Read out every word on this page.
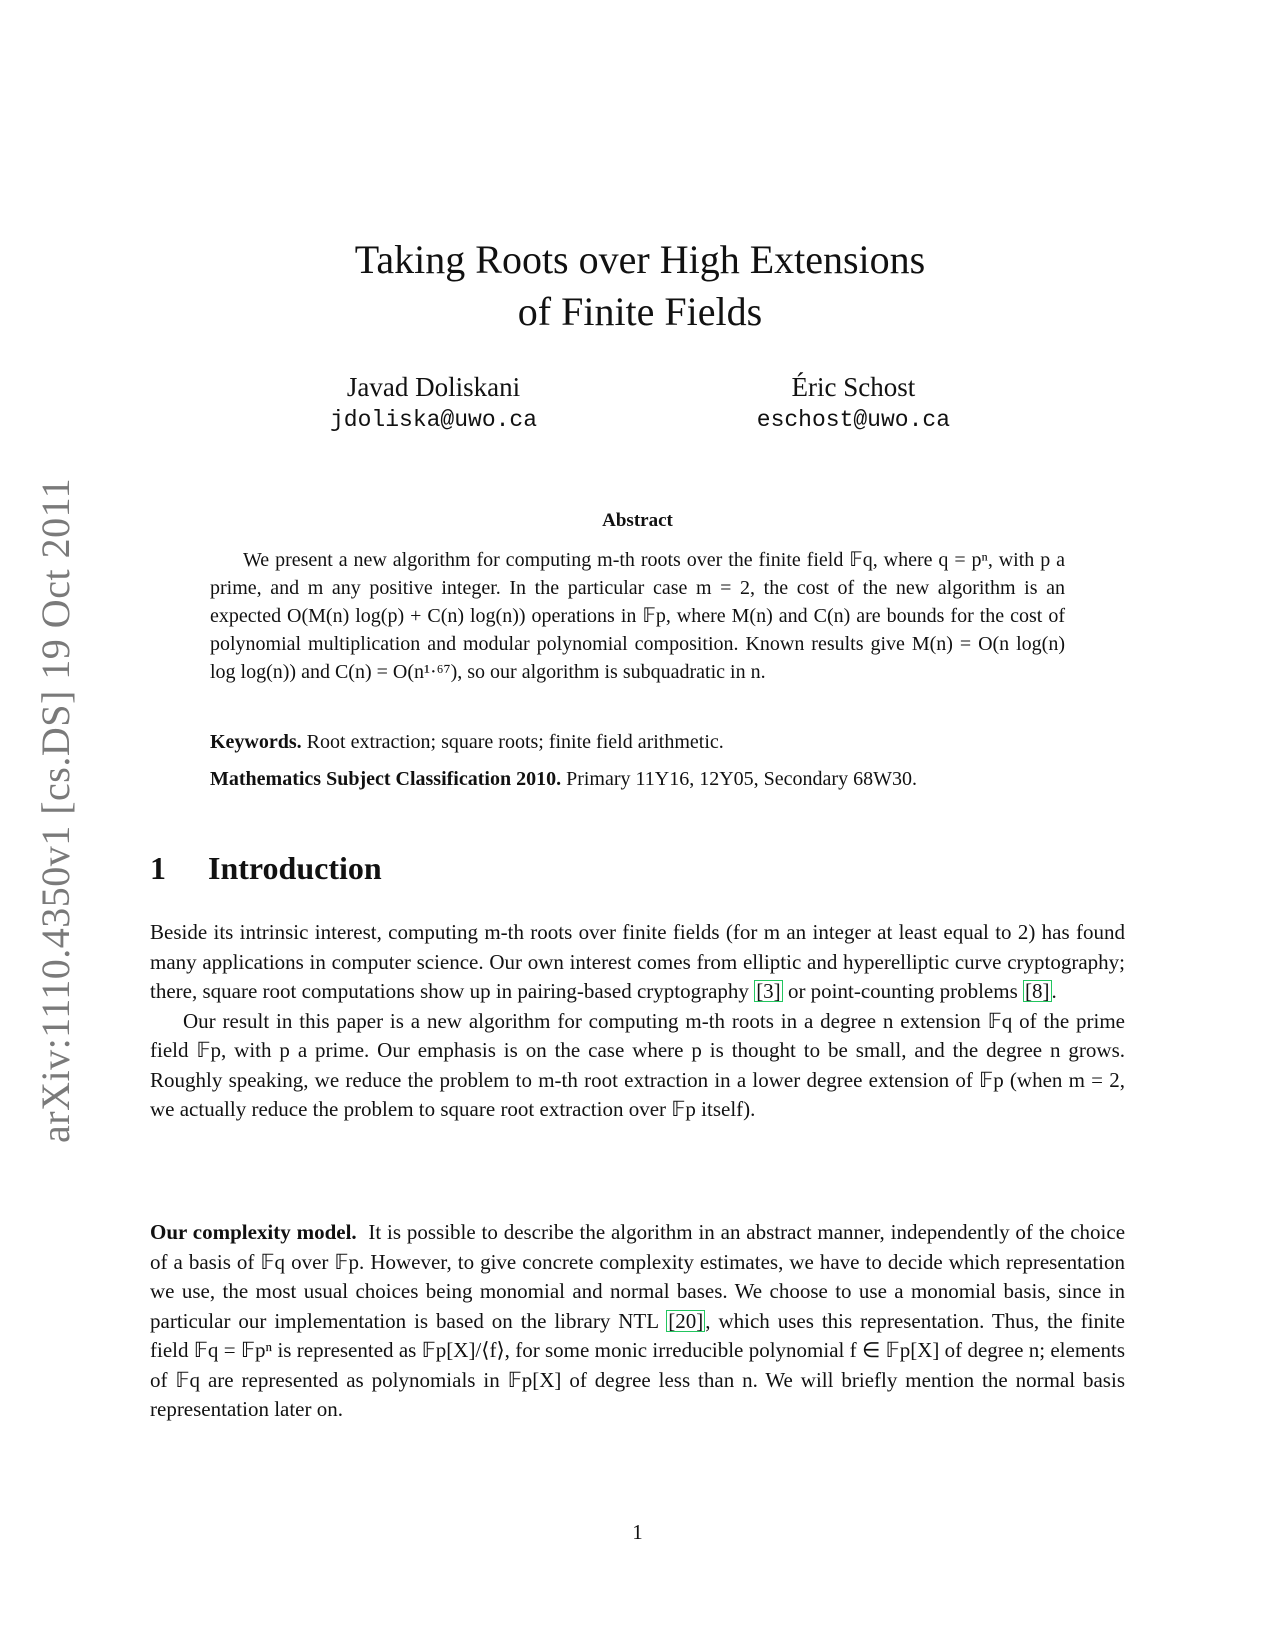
arXiv:1110.4350v1 [cs.DS] 19 Oct 2011
Taking Roots over High Extensions
of Finite Fields
Javad Doliskani
jdoliska@uwo.ca
Éric Schost
eschost@uwo.ca
Abstract

We present a new algorithm for computing m-th roots over the finite field 𝔽q, where q = pⁿ, with p a prime, and m any positive integer. In the particular case m = 2, the cost of the new algorithm is an expected O(M(n) log(p) + C(n) log(n)) operations in 𝔽p, where M(n) and C(n) are bounds for the cost of polynomial multiplication and modular polynomial composition. Known results give M(n) = O(n log(n) log log(n)) and C(n) = O(n¹·⁶⁷), so our algorithm is subquadratic in n.

Keywords. Root extraction; square roots; finite field arithmetic.
Mathematics Subject Classification 2010. Primary 11Y16, 12Y05, Secondary 68W30.
1 Introduction

Beside its intrinsic interest, computing m-th roots over finite fields (for m an integer at least equal to 2) has found many applications in computer science. Our own interest comes from elliptic and hyperelliptic curve cryptography; there, square root computations show up in pairing-based cryptography [3] or point-counting problems [8].

Our result in this paper is a new algorithm for computing m-th roots in a degree n extension 𝔽q of the prime field 𝔽p, with p a prime. Our emphasis is on the case where p is thought to be small, and the degree n grows. Roughly speaking, we reduce the problem to m-th root extraction in a lower degree extension of 𝔽p (when m = 2, we actually reduce the problem to square root extraction over 𝔽p itself).

Our complexity model. It is possible to describe the algorithm in an abstract manner, independently of the choice of a basis of 𝔽q over 𝔽p. However, to give concrete complexity estimates, we have to decide which representation we use, the most usual choices being monomial and normal bases. We choose to use a monomial basis, since in particular our implementation is based on the library NTL [20], which uses this representation. Thus, the finite field 𝔽q = 𝔽pⁿ is represented as 𝔽p[X]/⟨f⟩, for some monic irreducible polynomial f ∈ 𝔽p[X] of degree n; elements of 𝔽q are represented as polynomials in 𝔽p[X] of degree less than n. We will briefly mention the normal basis representation later on.

1
